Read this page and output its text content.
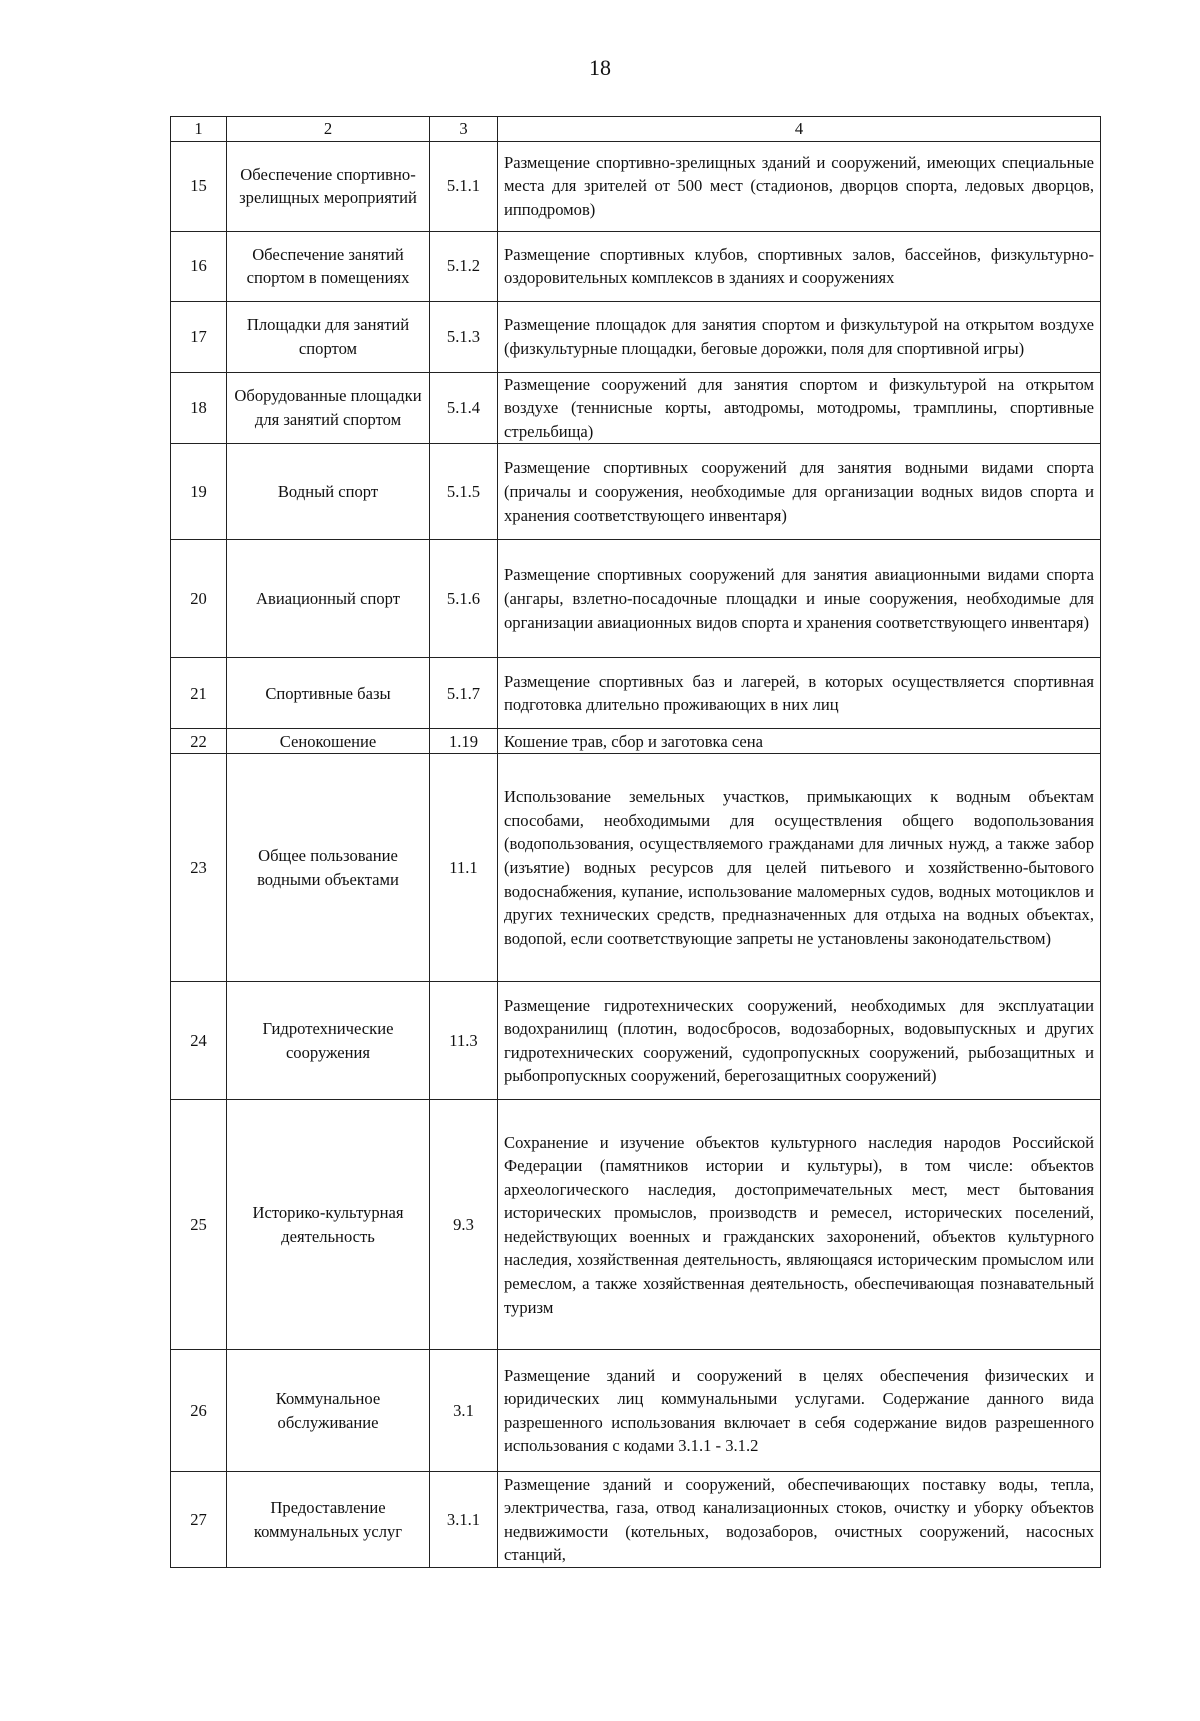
18
1	2	3	4
15	Обеспечение спортивно-зрелищных мероприятий	5.1.1	Размещение спортивно-зрелищных зданий и сооружений, имеющих специальные места для зрителей от 500 мест (стадионов, дворцов спорта, ледовых дворцов, ипподромов)
16	Обеспечение занятий спортом в помещениях	5.1.2	Размещение спортивных клубов, спортивных залов, бассейнов, физкультурно-оздоровительных комплексов в зданиях и сооружениях
17	Площадки для занятий спортом	5.1.3	Размещение площадок для занятия спортом и физкультурой на открытом воздухе (физкультурные площадки, беговые дорожки, поля для спортивной игры)
18	Оборудованные площадки для занятий спортом	5.1.4	Размещение сооружений для занятия спортом и физкультурой на открытом воздухе (теннисные корты, автодромы, мотодромы, трамплины, спортивные стрельбища)
19	Водный спорт	5.1.5	Размещение спортивных сооружений для занятия водными видами спорта (причалы и сооружения, необходимые для организации водных видов спорта и хранения соответствующего инвентаря)
20	Авиационный спорт	5.1.6	Размещение спортивных сооружений для занятия авиационными видами спорта (ангары, взлетно-посадочные площадки и иные сооружения, необходимые для организации авиационных видов спорта и хранения соответствующего инвентаря)
21	Спортивные базы	5.1.7	Размещение спортивных баз и лагерей, в которых осуществляется спортивная подготовка длительно проживающих в них лиц
22	Сенокошение	1.19	Кошение трав, сбор и заготовка сена
23	Общее пользование водными объектами	11.1	Использование земельных участков, примыкающих к водным объектам способами, необходимыми для осуществления общего водопользования (водопользования, осуществляемого гражданами для личных нужд, а также забор (изъятие) водных ресурсов для целей питьевого и хозяйственно-бытового водоснабжения, купание, использование маломерных судов, водных мотоциклов и других технических средств, предназначенных для отдыха на водных объектах, водопой, если соответствующие запреты не установлены законодательством)
24	Гидротехнические сооружения	11.3	Размещение гидротехнических сооружений, необходимых для эксплуатации водохранилищ (плотин, водосбросов, водозаборных, водовыпускных и других гидротехнических сооружений, судопропускных сооружений, рыбозащитных и рыбопропускных сооружений, берегозащитных сооружений)
25	Историко-культурная деятельность	9.3	Сохранение и изучение объектов культурного наследия народов Российской Федерации (памятников истории и культуры), в том числе: объектов археологического наследия, достопримечательных мест, мест бытования исторических промыслов, производств и ремесел, исторических поселений, недействующих военных и гражданских захоронений, объектов культурного наследия, хозяйственная деятельность, являющаяся историческим промыслом или ремеслом, а также хозяйственная деятельность, обеспечивающая познавательный туризм
26	Коммунальное обслуживание	3.1	Размещение зданий и сооружений в целях обеспечения физических и юридических лиц коммунальными услугами. Содержание данного вида разрешенного использования включает в себя содержание видов разрешенного использования с кодами 3.1.1 - 3.1.2
27	Предоставление коммунальных услуг	3.1.1	Размещение зданий и сооружений, обеспечивающих поставку воды, тепла, электричества, газа, отвод канализационных стоков, очистку и уборку объектов недвижимости (котельных, водозаборов, очистных сооружений, насосных станций,
